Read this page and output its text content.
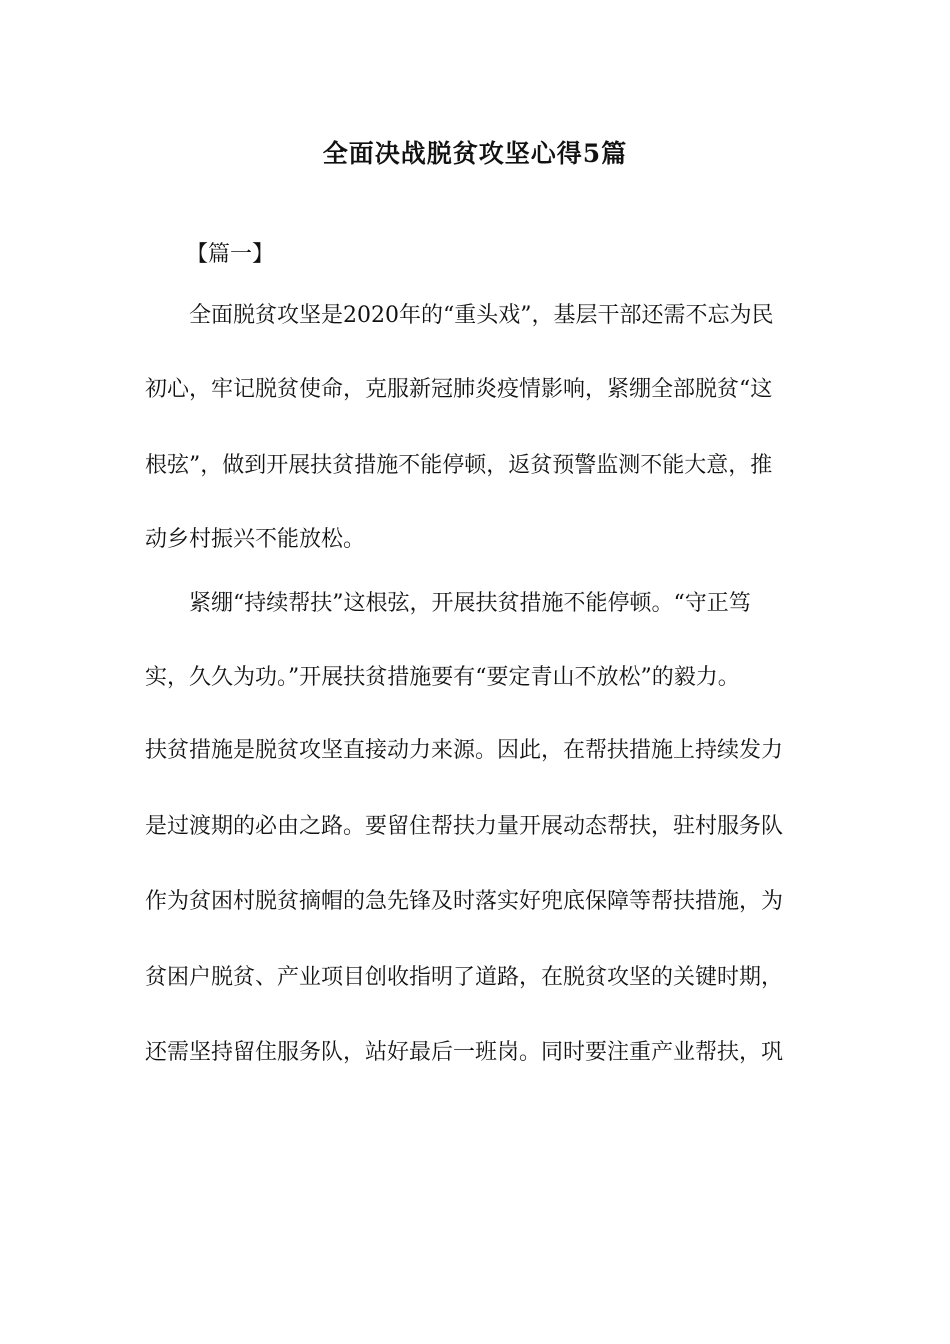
全面决战脱贫攻坚心得5篇
【篇一】
全面脱贫攻坚是2020年的“重头戏”，基层干部还需不忘为民
初心，牢记脱贫使命，克服新冠肺炎疫情影响，紧绷全部脱贫“这
根弦”，做到开展扶贫措施不能停顿，返贫预警监测不能大意，推
动乡村振兴不能放松。
紧绷“持续帮扶”这根弦，开展扶贫措施不能停顿。“守正笃
实，久久为功。”开展扶贫措施要有“要定青山不放松”的毅力。
扶贫措施是脱贫攻坚直接动力来源。因此，在帮扶措施上持续发力
是过渡期的必由之路。要留住帮扶力量开展动态帮扶，驻村服务队
作为贫困村脱贫摘帽的急先锋及时落实好兜底保障等帮扶措施，为
贫困户脱贫、产业项目创收指明了道路，在脱贫攻坚的关键时期，
还需坚持留住服务队，站好最后一班岗。同时要注重产业帮扶，巩
